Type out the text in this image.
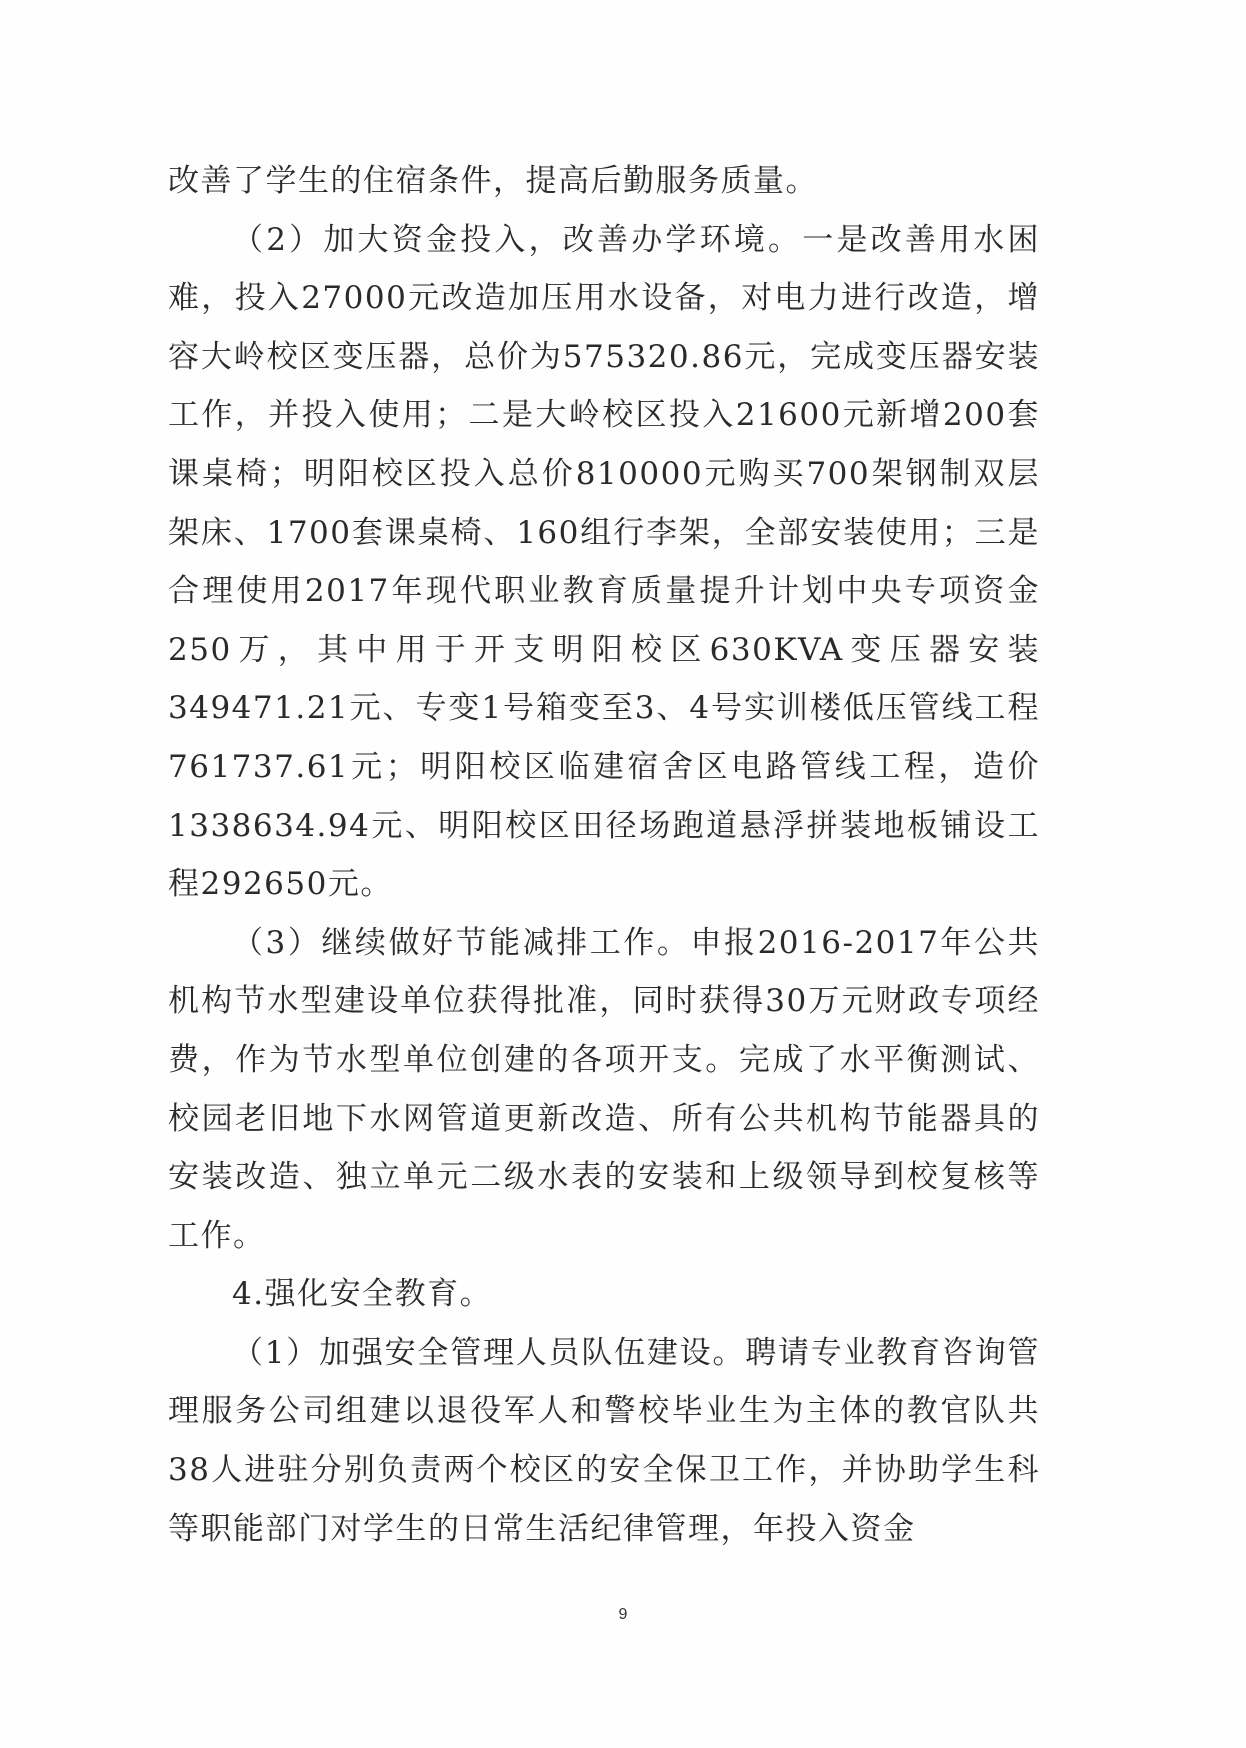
改善了学生的住宿条件，提高后勤服务质量。

（2）加大资金投入，改善办学环境。一是改善用水困难，投入27000元改造加压用水设备，对电力进行改造，增容大岭校区变压器，总价为575320.86元，完成变压器安装工作，并投入使用；二是大岭校区投入21600元新增200套课桌椅；明阳校区投入总价810000元购买700架钢制双层架床、1700套课桌椅、160组行李架，全部安装使用；三是合理使用2017年现代职业教育质量提升计划中央专项资金250万，其中用于开支明阳校区630KVA变压器安装349471.21元、专变1号箱变至3、4号实训楼低压管线工程761737.61元；明阳校区临建宿舍区电路管线工程，造价1338634.94元、明阳校区田径场跑道悬浮拼装地板铺设工程292650元。

（3）继续做好节能减排工作。申报2016-2017年公共机构节水型建设单位获得批准，同时获得30万元财政专项经费，作为节水型单位创建的各项开支。完成了水平衡测试、校园老旧地下水网管道更新改造、所有公共机构节能器具的安装改造、独立单元二级水表的安装和上级领导到校复核等工作。

4.强化安全教育。

（1）加强安全管理人员队伍建设。聘请专业教育咨询管理服务公司组建以退役军人和警校毕业生为主体的教官队共38人进驻分别负责两个校区的安全保卫工作，并协助学生科等职能部门对学生的日常生活纪律管理，年投入资金

9
